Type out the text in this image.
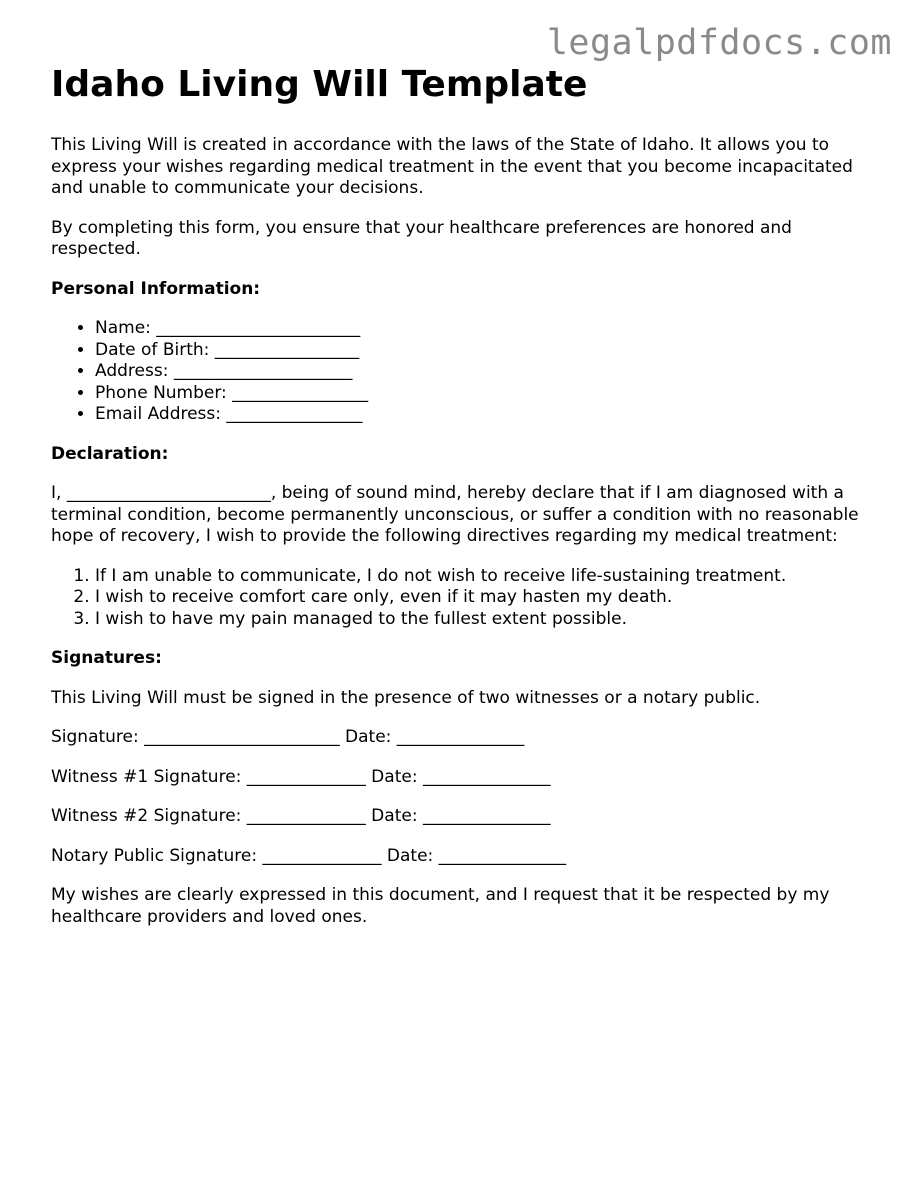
legalpdfdocs.com
Idaho Living Will Template

This Living Will is created in accordance with the laws of the State of Idaho. It allows you to express your wishes regarding medical treatment in the event that you become incapacitated and unable to communicate your decisions.

By completing this form, you ensure that your healthcare preferences are honored and respected.

Personal Information:
• Name: ________________________
• Date of Birth: _________________
• Address: _____________________
• Phone Number: ________________
• Email Address: ________________
Declaration:

I, ________________________, being of sound mind, hereby declare that if I am diagnosed with a terminal condition, become permanently unconscious, or suffer a condition with no reasonable hope of recovery, I wish to provide the following directives regarding my medical treatment:

1. If I am unable to communicate, I do not wish to receive life-sustaining treatment.
2. I wish to receive comfort care only, even if it may hasten my death.
3. I wish to have my pain managed to the fullest extent possible.
Signatures:

This Living Will must be signed in the presence of two witnesses or a notary public.

Signature: _______________________ Date: _______________
Witness #1 Signature: ______________ Date: _______________
Witness #2 Signature: ______________ Date: _______________
Notary Public Signature: ______________ Date: _______________

My wishes are clearly expressed in this document, and I request that it be respected by my healthcare providers and loved ones.
